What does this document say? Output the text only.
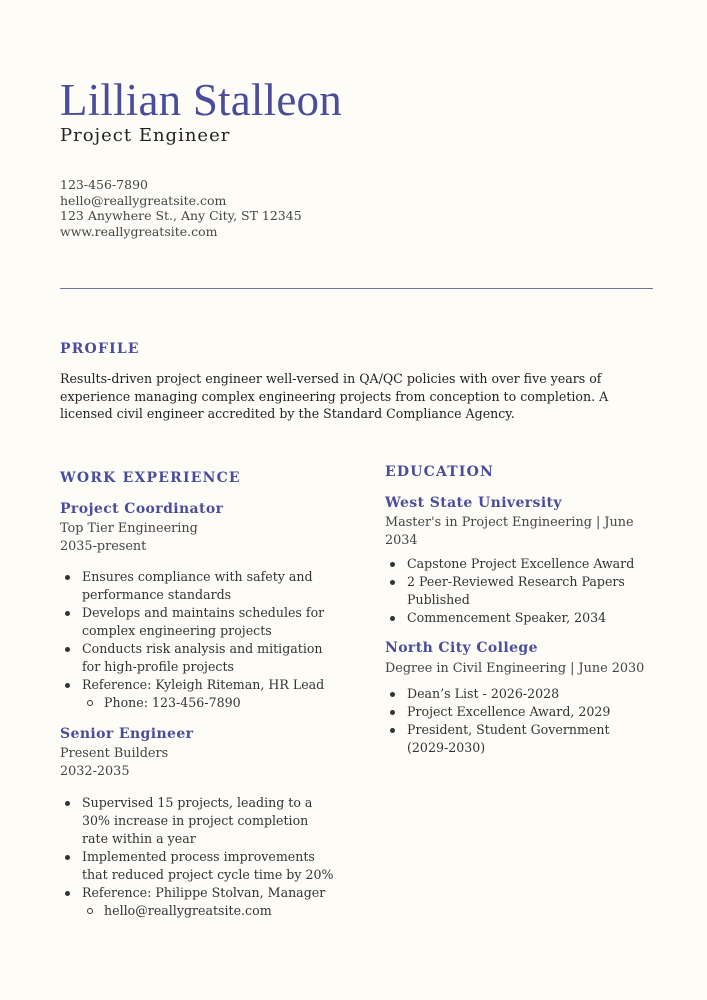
Lillian Stalleon
Project Engineer
123-456-7890
hello@reallygreatsite.com
123 Anywhere St., Any City, ST 12345
www.reallygreatsite.com
PROFILE
Results-driven project engineer well-versed in QA/QC policies with over five years of experience managing complex engineering projects from conception to completion. A licensed civil engineer accredited by the Standard Compliance Agency.
WORK EXPERIENCE
Project Coordinator
Top Tier Engineering
2035-present
Ensures compliance with safety and performance standards
Develops and maintains schedules for complex engineering projects
Conducts risk analysis and mitigation for high-profile projects
Reference: Kyleigh Riteman, HR Lead
Phone: 123-456-7890
Senior Engineer
Present Builders
2032-2035
Supervised 15 projects, leading to a 30% increase in project completion rate within a year
Implemented process improvements that reduced project cycle time by 20%
Reference: Philippe Stolvan, Manager
hello@reallygreatsite.com
EDUCATION
West State University
Master's in Project Engineering | June 2034
Capstone Project Excellence Award
2 Peer-Reviewed Research Papers Published
Commencement Speaker, 2034
North City College
Degree in Civil Engineering | June 2030
Dean’s List - 2026-2028
Project Excellence Award, 2029
President, Student Government (2029-2030)
